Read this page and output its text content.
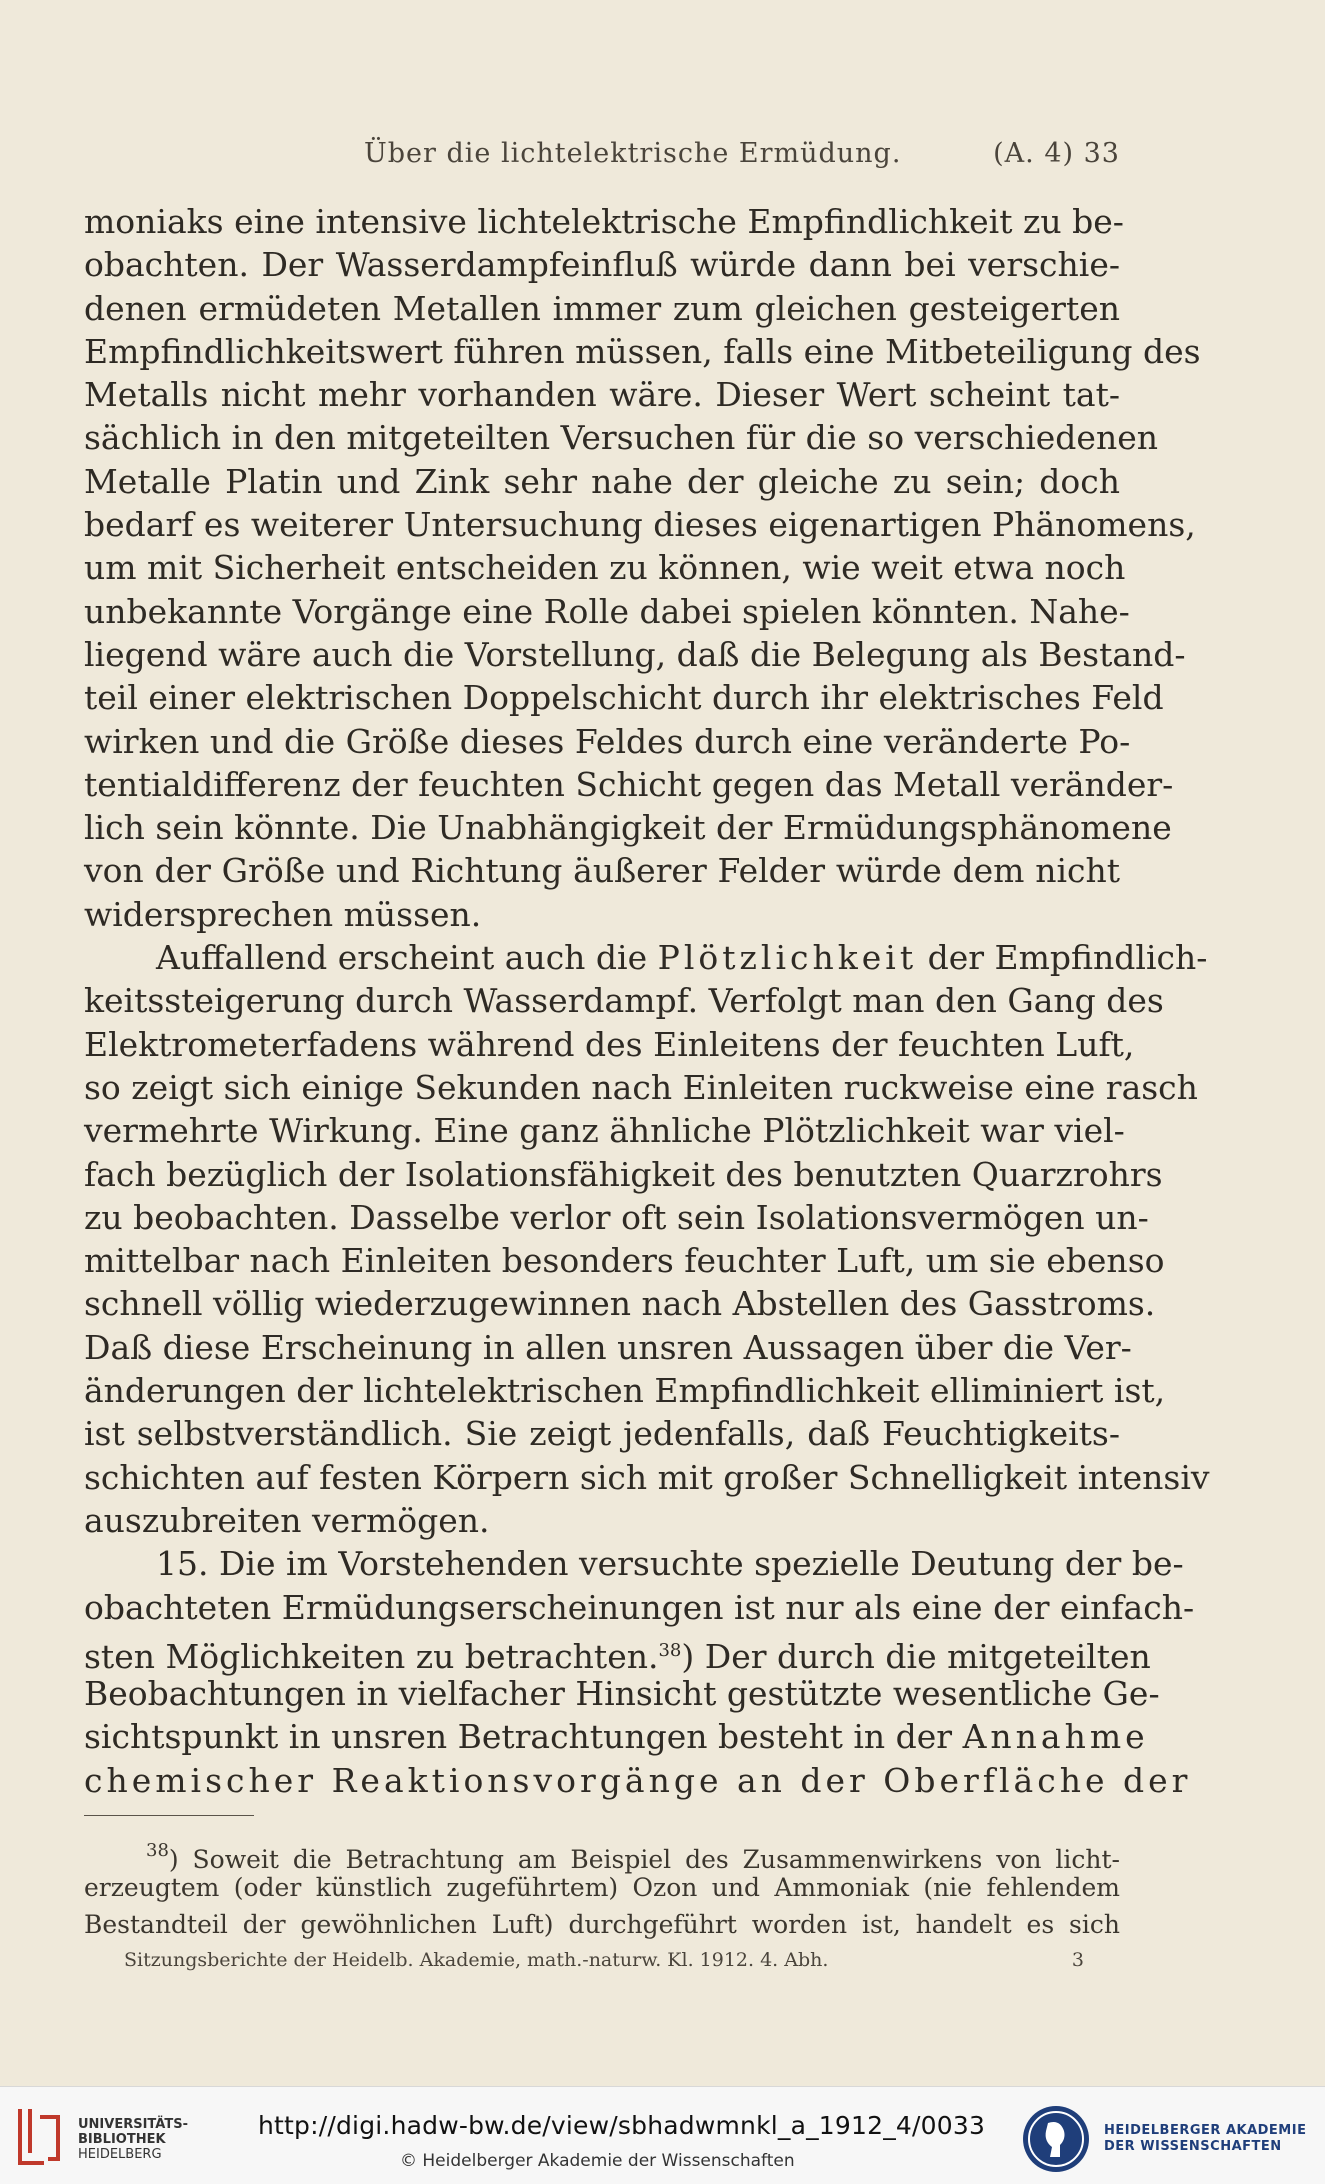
Über die lichtelektrische Ermüdung.	(A. 4) 33
moniaks eine intensive lichtelektrische Empfindlichkeit zu be-
obachten. Der Wasserdampfeinfluß würde dann bei verschie-
denen ermüdeten Metallen immer zum gleichen gesteigerten
Empfindlichkeitswert führen müssen, falls eine Mitbeteiligung des
Metalls nicht mehr vorhanden wäre. Dieser Wert scheint tat-
sächlich in den mitgeteilten Versuchen für die so verschiedenen
Metalle Platin und Zink sehr nahe der gleiche zu sein; doch
bedarf es weiterer Untersuchung dieses eigenartigen Phänomens,
um mit Sicherheit entscheiden zu können, wie weit etwa noch
unbekannte Vorgänge eine Rolle dabei spielen könnten. Nahe-
liegend wäre auch die Vorstellung, daß die Belegung als Bestand-
teil einer elektrischen Doppelschicht durch ihr elektrisches Feld
wirken und die Größe dieses Feldes durch eine veränderte Po-
tentialdifferenz der feuchten Schicht gegen das Metall veränder-
lich sein könnte. Die Unabhängigkeit der Ermüdungsphänomene
von der Größe und Richtung äußerer Felder würde dem nicht
widersprechen müssen.
Auffallend erscheint auch die Plötzlichkeit der Empfindlich-
keitssteigerung durch Wasserdampf. Verfolgt man den Gang des
Elektrometerfadens während des Einleitens der feuchten Luft,
so zeigt sich einige Sekunden nach Einleiten ruckweise eine rasch
vermehrte Wirkung. Eine ganz ähnliche Plötzlichkeit war viel-
fach bezüglich der Isolationsfähigkeit des benutzten Quarzrohrs
zu beobachten. Dasselbe verlor oft sein Isolationsvermögen un-
mittelbar nach Einleiten besonders feuchter Luft, um sie ebenso
schnell völlig wiederzugewinnen nach Abstellen des Gasstroms.
Daß diese Erscheinung in allen unsren Aussagen über die Ver-
änderungen der lichtelektrischen Empfindlichkeit elliminiert ist,
ist selbstverständlich. Sie zeigt jedenfalls, daß Feuchtigkeits-
schichten auf festen Körpern sich mit großer Schnelligkeit intensiv
auszubreiten vermögen.
15. Die im Vorstehenden versuchte spezielle Deutung der be-
obachteten Ermüdungserscheinungen ist nur als eine der einfach-
sten Möglichkeiten zu betrachten.$^{38}$) Der durch die mitgeteilten
Beobachtungen in vielfacher Hinsicht gestützte wesentliche Ge-
sichtspunkt in unsren Betrachtungen besteht in der Annahme
chemischer Reaktionsvorgänge an der Oberfläche der
$^{38}$) Soweit die Betrachtung am Beispiel des Zusammenwirkens von licht-
erzeugtem (oder künstlich zugeführtem) Ozon und Ammoniak (nie fehlendem
Bestandteil der gewöhnlichen Luft) durchgeführt worden ist, handelt es sich
Sitzungsberichte der Heidelb. Akademie, math.-naturw. Kl. 1912. 4. Abh.	3
UNIVERSITÄTS-
BIBLIOTHEK
HEIDELBERG
http://digi.hadw-bw.de/view/sbhadwmnkl_a_1912_4/0033
© Heidelberger Akademie der Wissenschaften
HEIDELBERGER AKADEMIE
DER WISSENSCHAFTEN
